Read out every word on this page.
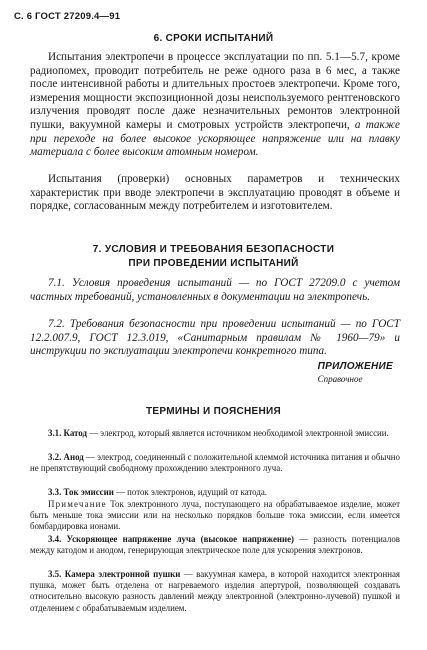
С. 6 ГОСТ 27209.4—91
6. СРОКИ ИСПЫТАНИЙ

Испытания электропечи в процессе эксплуатации по пп. 5.1—5.7, кроме радиопомех, проводит потребитель не реже одного раза в 6 мес, а также после интенсивной работы и длительных простоев электропечи. Кроме того, измерения мощности экспозиционной дозы неиспользуемого рентгеновского излучения проводят после даже незначительных ремонтов электронной пушки, вакуумной камеры и смотровых устройств электропечи, а также при переходе на более высокое ускоряющее напряжение или на плавку материала с более высоким атомным номером.

Испытания (проверки) основных параметров и технических характеристик при вводе электропечи в эксплуатацию проводят в объеме и порядке, согласованным между потребителем и изготовителем.

7. УСЛОВИЯ И ТРЕБОВАНИЯ БЕЗОПАСНОСТИ
ПРИ ПРОВЕДЕНИИ ИСПЫТАНИЙ

7.1. Условия проведения испытаний — по ГОСТ 27209.0 с учетом частных требований, установленных в документации на электропечь.

7.2. Требования безопасности при проведении испытаний — по ГОСТ 12.2.007.9, ГОСТ 12.3.019, «Санитарным правилам № 1960—79» и инструкции по эксплуатации электропечи конкретного типа.

ПРИЛОЖЕНИЕ
Справочное
ТЕРМИНЫ И ПОЯСНЕНИЯ

3.1. Катод — электрод, который является источником необходимой электронной эмиссии.

3.2. Анод — электрод, соединенный с положительной клеммой источника питания и обычно не препятствующий свободному прохождению электронного луча.

3.3. Ток эмиссии — поток электронов, идущий от катода.

Примечание Ток электронного луча, поступающего на обрабатываемое изделие, может быть меньше тока эмиссии или на несколько порядков больше тока эмиссии, если имеется бомбардировка ионами.

3.4. Ускоряющее напряжение луча (высокое напряжение) — разность потенциалов между катодом и анодом, генерирующая электрическое поле для ускорения электронов.

3.5. Камера электронной пушки — вакуумная камера, в которой находится электронная пушка, может быть отделена от нагреваемого изделия апертурой, позволяющей создавать относительно высокую разность давлений между электронной (электронно-лучевой) пушкой и отделением с обрабатываемым изделием.
